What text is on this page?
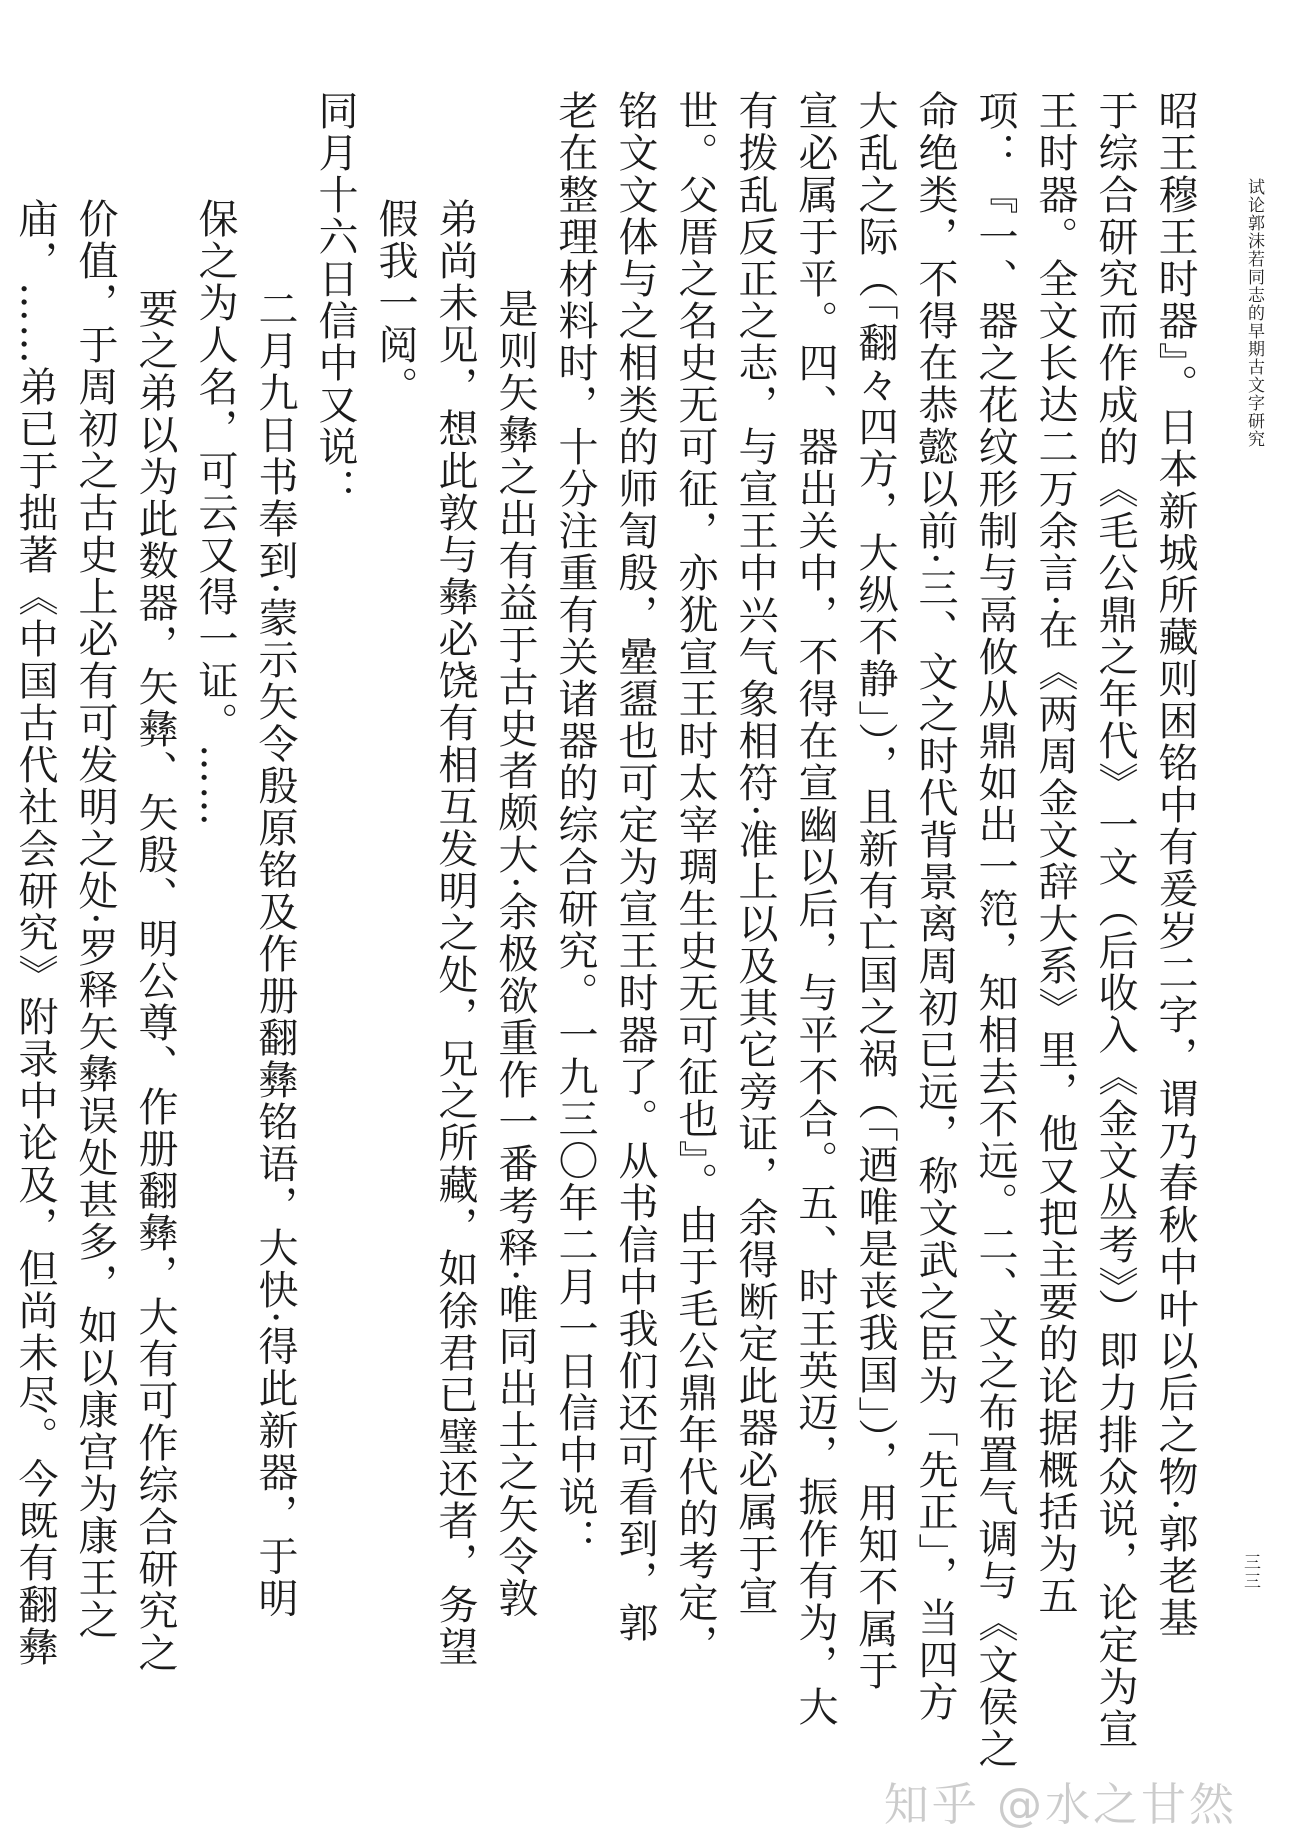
试论郭沫若同志的早期古文字研究
昭王穆王时器』。日本新城所藏则困铭中有爰岁二字，谓乃春秋中叶以后之物·郭老基
于综合研究而作成的《毛公鼎之年代》一文（后收入《金文丛考》）即力排众说，论定为宣
王时器。全文长达二万余言·在《两周金文辞大系》里，他又把主要的论据概括为五
项：『一、器之花纹形制与鬲攸从鼎如出一笵，知相去不远。二、文之布置气调与《文侯之
命绝类，不得在恭懿以前·三、文之时代背景离周初已远，称文武之臣为「先正」，当四方
大乱之际（「翻々四方，大纵不静」），且新有亡国之祸（「迺唯是丧我国」），用知不属于
宣必属于平。四、器出关中，不得在宣幽以后，与平不合。五、时王英迈，振作有为，大
有拨乱反正之志，与宣王中兴气象相符·准上以及其它旁证，余得断定此器必属于宣
世。父厝之名史无可征，亦犹宣王时太宰琱生史无可征也』。由于毛公鼎年代的考定，
铭文文体与之相类的师訇殷，曐盨也可定为宣王时器了。从书信中我们还可看到，郭
老在整理材料时，十分注重有关诸器的综合研究。一九三〇年二月一日信中说：
是则矢彝之出有益于古史者颇大·余极欲重作一番考释·唯同出土之矢令敦
弟尚未见，想此敦与彝必饶有相互发明之处，兄之所藏，如徐君已璧还者，务望
假我一阅。
同月十六日信中又说：
二月九日书奉到·蒙示矢令殷原铭及作册翻彝铭语，大快·得此新器，于明
保之为人名，可云又得一证。……
要之弟以为此数器，矢彝、矢殷、明公尊、作册翻彝，大有可作综合研究之
价值，于周初之古史上必有可发明之处·罗释矢彝误处甚多，如以康宫为康王之
庙，……弟已于拙著《中国古代社会研究》附录中论及，但尚未尽。今既有翻彝	三三
知乎 @水之甘然
